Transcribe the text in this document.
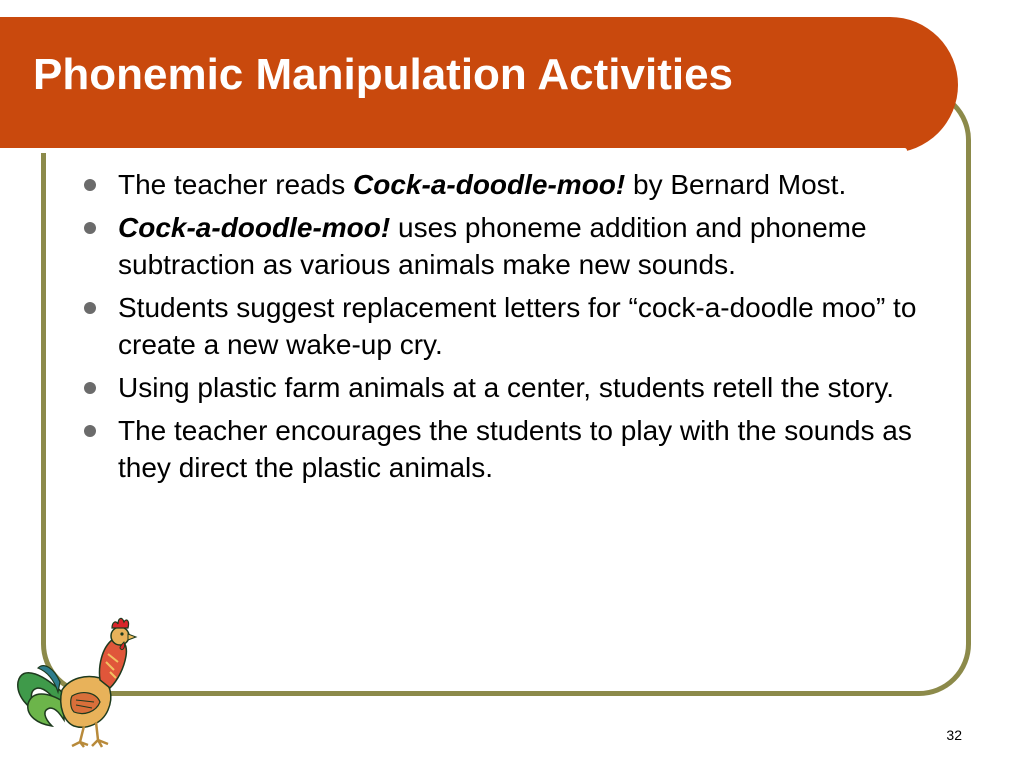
Phonemic Manipulation Activities
The teacher reads Cock-a-doodle-moo! by Bernard Most.
Cock-a-doodle-moo! uses phoneme addition and phoneme subtraction as various animals make new sounds.
Students suggest replacement letters for “cock-a-doodle moo” to create a new wake-up cry.
Using plastic farm animals at a center, students retell the story.
The teacher encourages the students to play with the sounds as they direct the plastic animals.
32
